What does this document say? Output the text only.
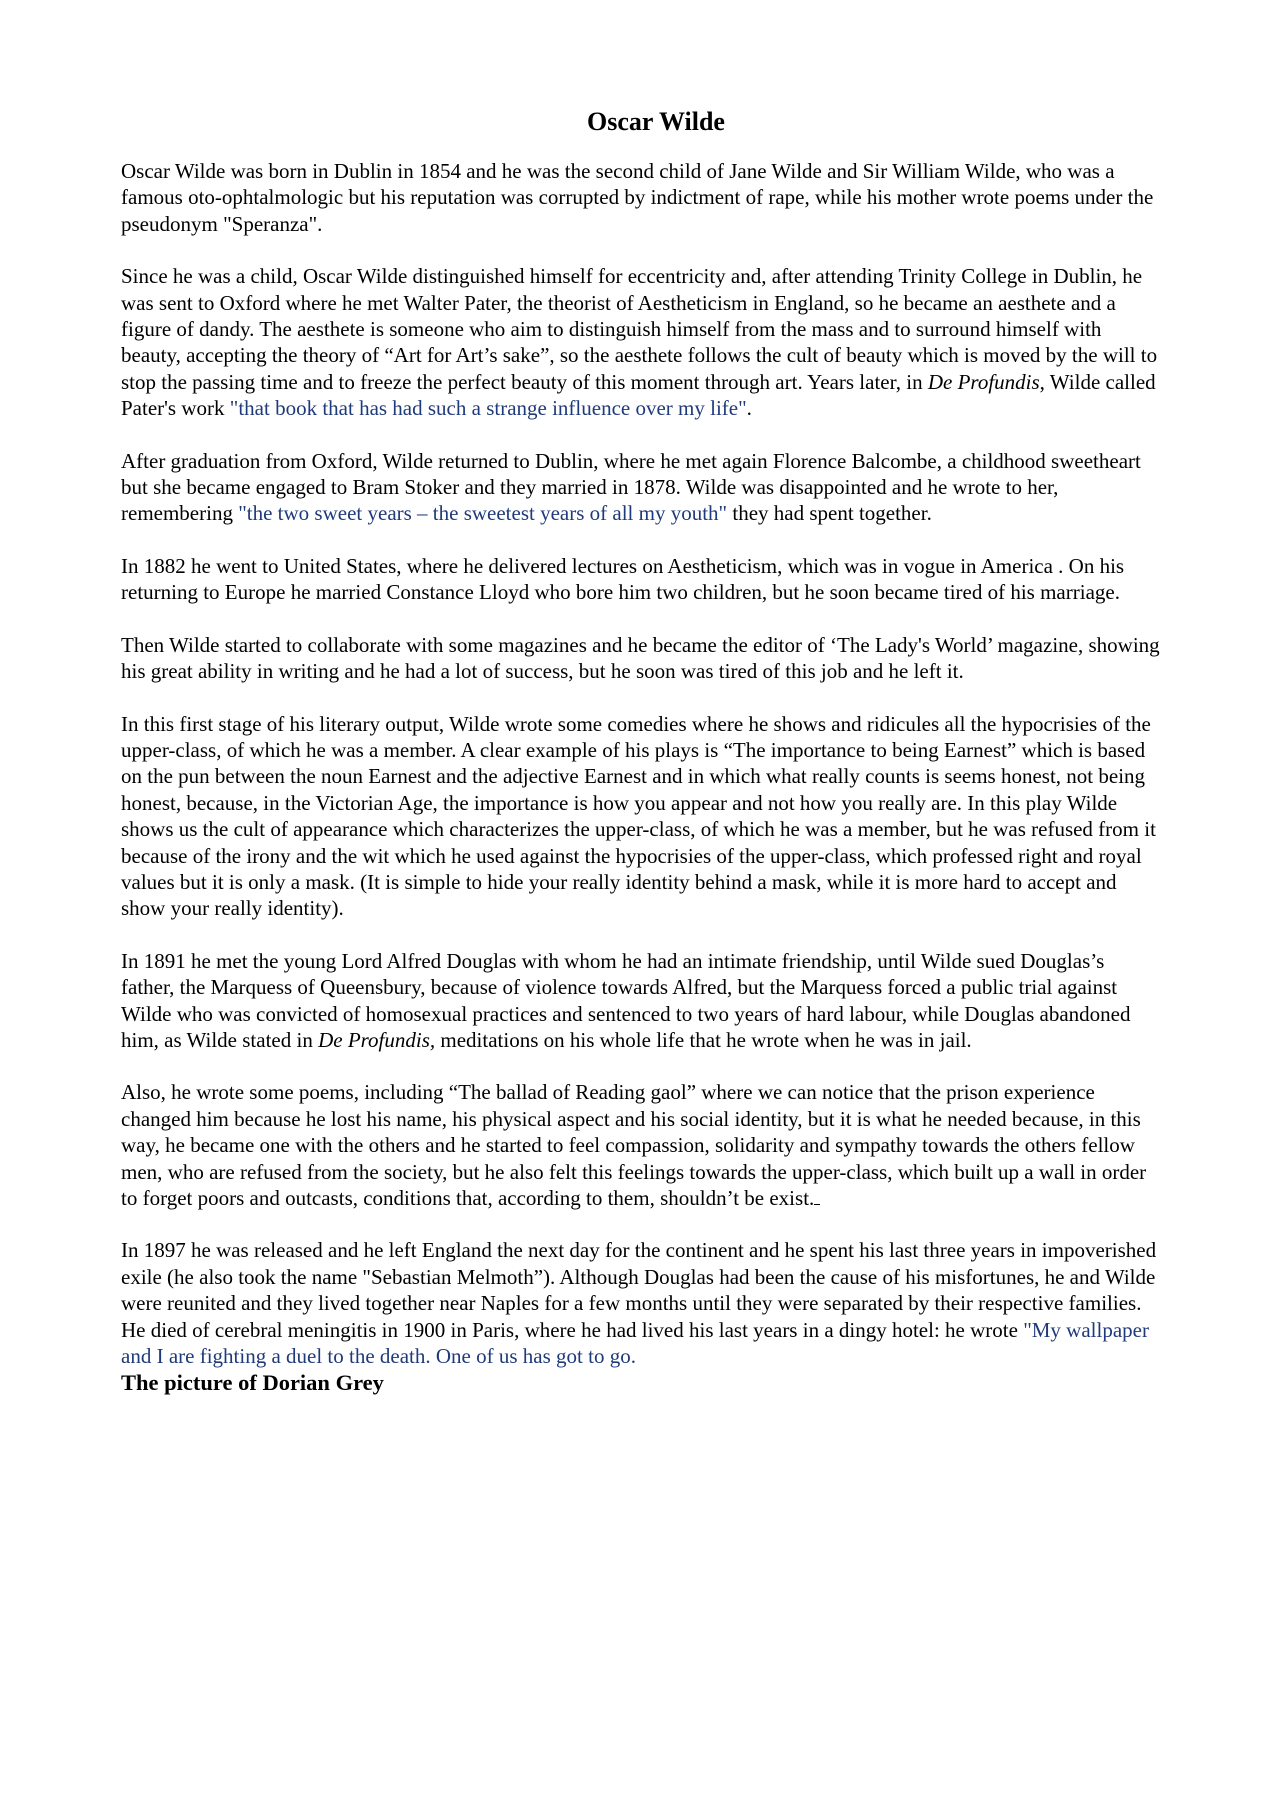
Oscar Wilde

Oscar Wilde was born in Dublin in 1854 and he was the second child of Jane Wilde and Sir William Wilde, who was a famous oto-ophtalmologic but his reputation was corrupted by indictment of rape, while his mother wrote poems under the pseudonym "Speranza".

Since he was a child, Oscar Wilde distinguished himself for eccentricity and, after attending Trinity College in Dublin, he was sent to Oxford where he met Walter Pater, the theorist of Aestheticism in England, so he became an aesthete and a figure of dandy. The aesthete is someone who aim to distinguish himself from the mass and to surround himself with beauty, accepting the theory of “Art for Art’s sake”, so the aesthete follows the cult of beauty which is moved by the will to stop the passing time and to freeze the perfect beauty of this moment through art. Years later, in De Profundis, Wilde called Pater's work "that book that has had such a strange influence over my life".

After graduation from Oxford, Wilde returned to Dublin, where he met again Florence Balcombe, a childhood sweetheart but she became engaged to Bram Stoker and they married in 1878. Wilde was disappointed and he wrote to her, remembering "the two sweet years – the sweetest years of all my youth" they had spent together.

In 1882 he went to United States, where he delivered lectures on Aestheticism, which was in vogue in America . On his returning to Europe he married Constance Lloyd who bore him two children, but he soon became tired of his marriage.

Then Wilde started to collaborate with some magazines and he became the editor of ‘The Lady's World’ magazine, showing his great ability in writing and he had a lot of success, but he soon was tired of this job and he left it.

In this first stage of his literary output, Wilde wrote some comedies where he shows and ridicules all the hypocrisies of the upper-class, of which he was a member. A clear example of his plays is “The importance to being Earnest” which is based on the pun between the noun Earnest and the adjective Earnest and in which what really counts is seems honest, not being honest, because, in the Victorian Age, the importance is how you appear and not how you really are. In this play Wilde shows us the cult of appearance which characterizes the upper-class, of which he was a member, but he was refused from it because of the irony and the wit which he used against the hypocrisies of the upper-class, which professed right and royal values but it is only a mask. (It is simple to hide your really identity behind a mask, while it is more hard to accept and show your really identity).

In 1891 he met the young Lord Alfred Douglas with whom he had an intimate friendship, until Wilde sued Douglas’s father, the Marquess of Queensbury, because of violence towards Alfred, but the Marquess forced a public trial against Wilde who was convicted of homosexual practices and sentenced to two years of hard labour, while Douglas abandoned him, as Wilde stated in De Profundis, meditations on his whole life that he wrote when he was in jail.

Also, he wrote some poems, including “The ballad of Reading gaol” where we can notice that the prison experience changed him because he lost his name, his physical aspect and his social identity, but it is what he needed because, in this way, he became one with the others and he started to feel compassion, solidarity and sympathy towards the others fellow men, who are refused from the society, but he also felt this feelings towards the upper-class, which built up a wall in order to forget poors and outcasts, conditions that, according to them, shouldn’t be exist.

In 1897 he was released and he left England the next day for the continent and he spent his last three years in impoverished exile (he also took the name "Sebastian Melmoth”). Although Douglas had been the cause of his misfortunes, he and Wilde were reunited and they lived together near Naples for a few months until they were separated by their respective families.

He died of cerebral meningitis in 1900 in Paris, where he had lived his last years in a dingy hotel: he wrote "My wallpaper and I are fighting a duel to the death. One of us has got to go.

The picture of Dorian Grey
